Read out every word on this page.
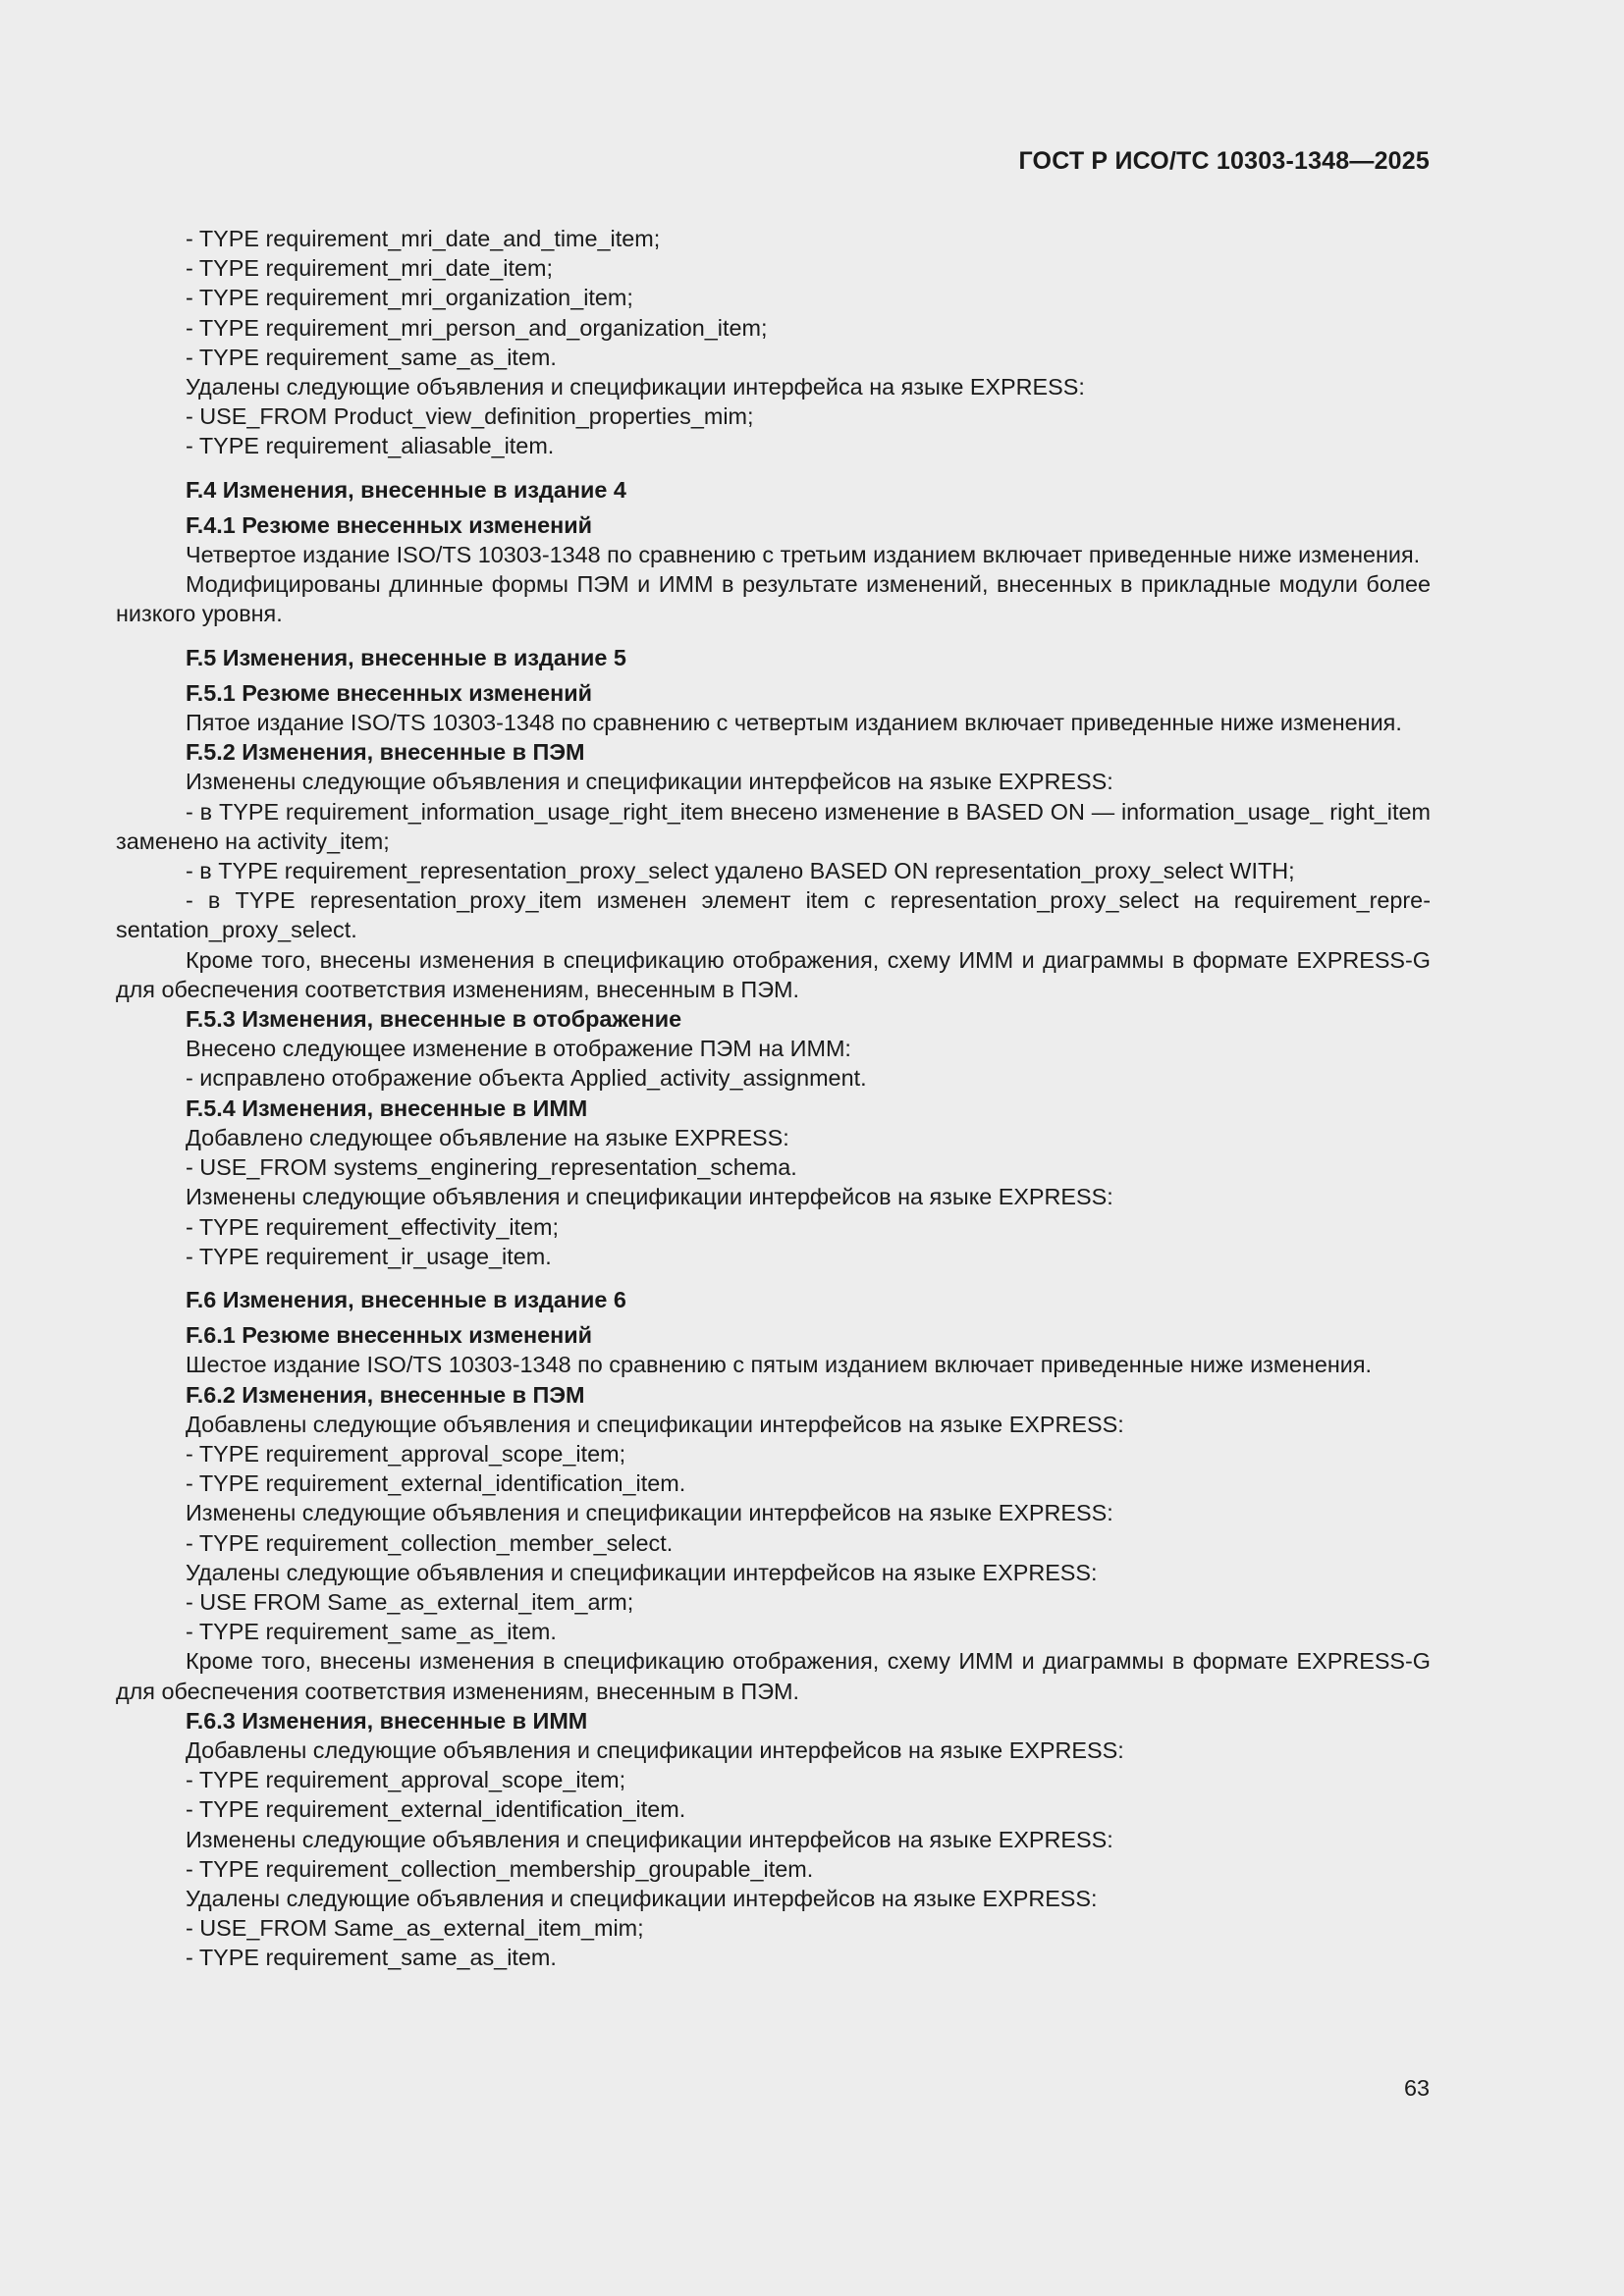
ГОСТ Р ИСО/ТС 10303-1348—2025

- TYPE requirement_mri_date_and_time_item;

- TYPE requirement_mri_date_item;

- TYPE requirement_mri_organization_item;

- TYPE requirement_mri_person_and_organization_item;

- TYPE requirement_same_as_item.

Удалены следующие объявления и спецификации интерфейса на языке EXPRESS:

- USE_FROM Product_view_definition_properties_mim;

- TYPE requirement_aliasable_item.

F.4 Изменения, внесенные в издание 4

F.4.1 Резюме внесенных изменений

Четвертое издание ISO/TS 10303-1348 по сравнению с третьим изданием включает приведенные ниже изменения.

Модифицированы длинные формы ПЭМ и ИММ в результате изменений, внесенных в прикладные модули более низкого уровня.

F.5 Изменения, внесенные в издание 5

F.5.1 Резюме внесенных изменений

Пятое издание ISO/TS 10303-1348 по сравнению с четвертым изданием включает приведенные ниже изменения.

F.5.2 Изменения, внесенные в ПЭМ

Изменены следующие объявления и спецификации интерфейсов на языке EXPRESS:

- в TYPE requirement_information_usage_right_item внесено изменение в BASED ON — information_usage_ right_item заменено на activity_item;

- в TYPE requirement_representation_proxy_select удалено BASED ON representation_proxy_select WITH;

- в TYPE representation_proxy_item изменен элемент item с representation_proxy_select на requirement_representation_proxy_select.

Кроме того, внесены изменения в спецификацию отображения, схему ИММ и диаграммы в формате EXPRESS-G для обеспечения соответствия изменениям, внесенным в ПЭМ.

F.5.3 Изменения, внесенные в отображение

Внесено следующее изменение в отображение ПЭМ на ИММ:

- исправлено отображение объекта Applied_activity_assignment.

F.5.4 Изменения, внесенные в ИММ

Добавлено следующее объявление на языке EXPRESS:

- USE_FROM systems_enginering_representation_schema.

Изменены следующие объявления и спецификации интерфейсов на языке EXPRESS:

- TYPE requirement_effectivity_item;

- TYPE requirement_ir_usage_item.

F.6 Изменения, внесенные в издание 6

F.6.1 Резюме внесенных изменений

Шестое издание ISO/TS 10303-1348 по сравнению с пятым изданием включает приведенные ниже изменения.

F.6.2 Изменения, внесенные в ПЭМ

Добавлены следующие объявления и спецификации интерфейсов на языке EXPRESS:

- TYPE requirement_approval_scope_item;

- TYPE requirement_external_identification_item.

Изменены следующие объявления и спецификации интерфейсов на языке EXPRESS:

- TYPE requirement_collection_member_select.

Удалены следующие объявления и спецификации интерфейсов на языке EXPRESS:

- USE FROM Same_as_external_item_arm;

- TYPE requirement_same_as_item.

Кроме того, внесены изменения в спецификацию отображения, схему ИММ и диаграммы в формате EXPRESS-G для обеспечения соответствия изменениям, внесенным в ПЭМ.

F.6.3 Изменения, внесенные в ИММ

Добавлены следующие объявления и спецификации интерфейсов на языке EXPRESS:

- TYPE requirement_approval_scope_item;

- TYPE requirement_external_identification_item.

Изменены следующие объявления и спецификации интерфейсов на языке EXPRESS:

- TYPE requirement_collection_membership_groupable_item.

Удалены следующие объявления и спецификации интерфейсов на языке EXPRESS:

- USE_FROM Same_as_external_item_mim;

- TYPE requirement_same_as_item.

63
